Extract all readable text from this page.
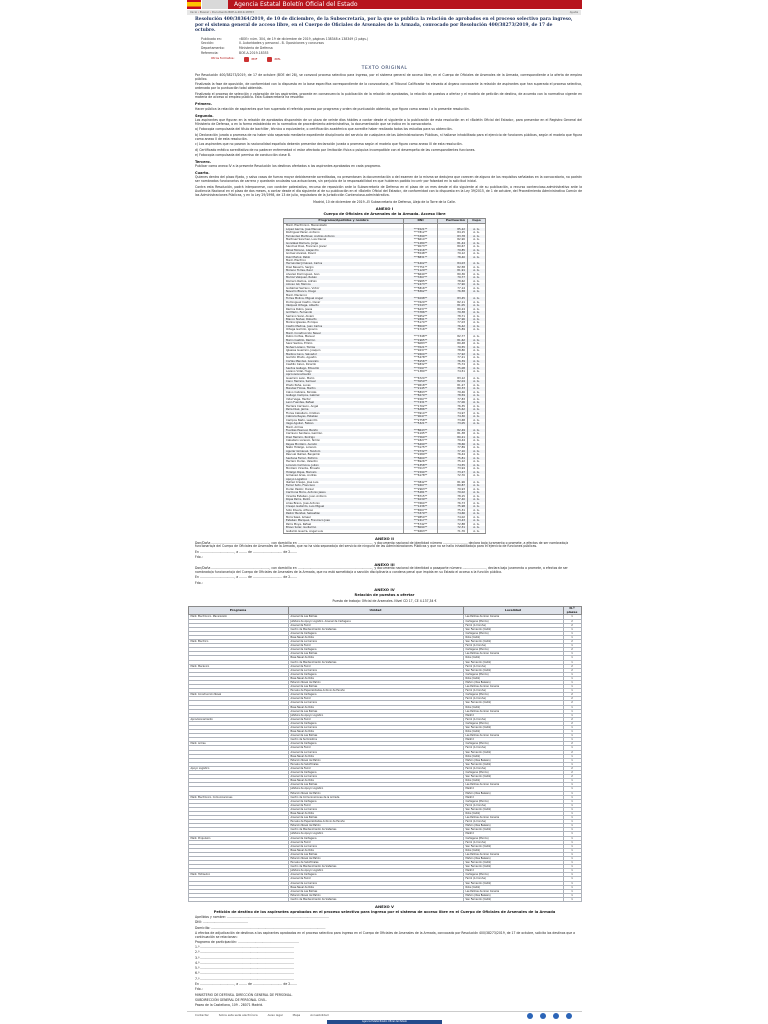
Agencia Estatal Boletín Oficial del Estado
Inicio › Buscar › Documento BOE-A-2019-18353	Ayuda
Resolución 400/38364/2019, de 10 de diciembre, de la Subsecretaría, por la que se publica la relación de aprobados en el proceso selectivo para ingreso, por el sistema general de acceso libre, en el Cuerpo de Oficiales de Arsenales de la Armada, convocado por Resolución 400/38273/2019, de 17 de octubre.
Publicado en:	«BOE» núm. 304, de 19 de diciembre de 2019, páginas 138348 a 138349 (2 págs.)
Sección:	II. Autoridades y personal - B. Oposiciones y concursos
Departamento:	Ministerio de Defensa
Referencia:	BOE-A-2019-18353
Otros formatos:	PDF	XML
TEXTO ORIGINAL

Por Resolución 400/38273/2019, de 17 de octubre (BOE del 28), se convocó proceso selectivo para ingreso, por el sistema general de acceso libre, en el Cuerpo de Oficiales de Arsenales de la Armada, correspondiente a la oferta de empleo público.

Finalizada la fase de oposición, de conformidad con lo dispuesto en la base específica correspondiente de la convocatoria, el Tribunal Calificador ha elevado al órgano convocante la relación de aspirantes que han superado el proceso selectivo, ordenada por la puntuación total obtenida.

Finalizado el proceso de selección y valoración de los aspirantes, procede en consecuencia la publicación de la relación de aprobados, la relación de puestos a ofertar y el modelo de petición de destino, de acuerdo con la normativa vigente en materia de acceso al empleo público. Esta Subsecretaría ha resuelto:

Primero.

Hacer pública la relación de aspirantes que han superado el referido proceso por programa y orden de puntuación obtenida, que figura como anexo I a la presente resolución.

Segundo.

Los aspirantes que figuran en la relación de aprobados dispondrán de un plazo de veinte días hábiles a contar desde el siguiente a la publicación de esta resolución en el «Boletín Oficial del Estado», para presentar en el Registro General del Ministerio de Defensa, o en la forma establecida en la normativa de procedimiento administrativo, la documentación que se indica en la convocatoria.

a) Fotocopia compulsada del título de bachiller, técnico o equivalente, o certificación académica que acredite haber realizado todos los estudios para su obtención.

b) Declaración jurada o promesa de no haber sido separado mediante expediente disciplinario del servicio de cualquiera de las Administraciones Públicas, ni hallarse inhabilitado para el ejercicio de funciones públicas, según el modelo que figura como anexo II de esta resolución.

c) Los aspirantes que no posean la nacionalidad española deberán presentar declaración jurada o promesa según el modelo que figura como anexo III de esta resolución.

d) Certificado médico acreditativo de no padecer enfermedad ni estar afectado por limitación física o psíquica incompatible con el desempeño de las correspondientes funciones.

e) Fotocopia compulsada del permiso de conducción clase B.

Tercero.

Publicar como anexo IV a la presente Resolución los destinos ofertados a los aspirantes aprobados en cada programa.

Cuarto.

Quienes dentro del plazo fijado, y salvo casos de fuerza mayor debidamente acreditados, no presentasen la documentación o del examen de la misma se dedujera que carecen de alguno de los requisitos señalados en la convocatoria, no podrán ser nombrados funcionarios de carrera y quedarán anuladas sus actuaciones, sin perjuicio de la responsabilidad en que hubieran podido incurrir por falsedad en la solicitud inicial.

Contra esta Resolución, podrá interponerse, con carácter potestativo, recurso de reposición ante la Subsecretaría de Defensa en el plazo de un mes desde el día siguiente al de su publicación, o recurso contencioso-administrativo ante la Audiencia Nacional en el plazo de dos meses, a contar desde el día siguiente al de su publicación en el «Boletín Oficial del Estado», de conformidad con lo dispuesto en la Ley 39/2015, de 1 de octubre, del Procedimiento Administrativo Común de las Administraciones Públicas, y en la Ley 29/1998, de 13 de julio, reguladora de la Jurisdicción Contencioso-administrativa.

Madrid, 10 de diciembre de 2019.–El Subsecretario de Defensa, Alejo de la Torre de la Calle.

ANEXO I
Cuerpo de Oficiales de Arsenales de la Armada. Acceso libre
Programa/Apellidos y nombre	DNI	Puntuación	Cupo
Mant. Electrónico. Mecanizado			
López García, José Manuel	***4521**	85,22	A. G.
Rodríguez Pérez, Antonio	***7812**	84,15	A. G.
Fernández Martínez, Andrés Antonio	***3390**	83,78	A. G.
Martínez Sánchez, Luis Daniel	***6614**	82,90	A. G.
González Romero, Jorge	***1284**	81,44	A. G.
Sánchez Díaz, Francisco Javier	***9073**	80,67	A. G.
Pérez Moreno, Alejandro	***2216**	79,85	A. G.
Gómez Álvarez, David	***5548**	79,12	A. G.
Ruiz Muñoz, Pablo	***8831**	78,40	A. G.
Mant. Eléctrico			
Hernández Jiménez, Carlos	***4402**	84,03	A. G.
Díaz Navarro, Sergio	***7751**	82,58	A. G.
Moreno Torres, Raúl	***1129**	81,91	A. G.
Álvarez Domínguez, Iván	***6640**	80,36	A. G.
Muñoz Vázquez, Rubén	***3307**	79,77	A. G.
Romero Ramos, Adrián	***9985**	78,62	A. G.
Alonso Gil, Marcos	***2473**	77,90	A. G.
Gutiérrez Serrano, Víctor	***5816**	77,14	A. G.
Navarro Blanco, Diego	***8362**	76,58	A. G.
Mant. Mecánico			
Torres Molina, Miguel Ángel	***4098**	83,45	A. G.
Domínguez Castro, Óscar	***7620**	82,11	A. G.
Vázquez Ortega, Alberto	***1543**	81,05	A. G.
Ramos Rubio, Jesús	***6237**	80,24	A. G.
Gil Marín, Fernando	***3786**	79,38	A. G.
Serrano Sanz, Álvaro	***9452**	78,71	A. G.
Blanco Núñez, Roberto	***2891**	77,96	A. G.
Molina Iglesias, Enrique	***5174**	77,03	A. G.
Castro Medina, Juan Carlos	***8509**	76,42	A. G.
Ortega Garrido, Ignacio	***4716**	75,89	A. G.
Mant. Construcción Naval			
Rubio Cortés, Manuel	***7348**	82,77	A. G.
Marín Castillo, Ramón	***1965**	81,62	A. G.
Sanz Santos, Emilio	***6083**	80,48	A. G.
Núñez Lozano, Tomás	***3521**	79,55	A. G.
Iglesias Guerrero, Joaquín	***9237**	78,80	A. G.
Medina Cano, Salvador	***2604**	77,92	A. G.
Garrido Prieto, Agustín	***5478**	77,21	A. G.
Cortés Méndez, Gonzalo	***8156**	76,39	A. G.
Castillo Calvo, Ricardo	***4832**	75,74	A. G.
Santos Gallego, Eduardo	***7097**	75,08	A. G.
Lozano Vidal, Hugo	***1380**	74,51	A. G.
Aprovisionamiento			
Guerrero León, Mario	***6724**	83,12	A. G.
Cano Herrera, Samuel	***3059**	82,04	A. G.
Prieto Peña, Lucas	***9618**	81,27	A. G.
Méndez Flores, Martín	***2145**	80,33	A. G.
Calvo Cabrera, Nicolás	***5893**	79,46	A. G.
Gallego Campos, Gabriel	***8270**	78,59	A. G.
Vidal Vega, Héctor	***4567**	77,83	A. G.
León Fuentes, Rafael	***7431**	77,06	A. G.
Herrera Carrasco, Ángel	***1702**	76,35	A. G.
Peña Diez, Jaime	***6386**	75,62	A. G.
Flores Caballero, Cristian	***3914**	74,97	A. G.
Cabrera Reyes, Esteban	***9047**	74,30	A. G.
Campos Nieto, Leandro	***2758**	73,68	A. G.
Vega Aguilar, Fabián	***5321**	73,05	A. G.
Mant. Armas			
Fuentes Pascual, Benito	***8643**	82,49	A. G.
Carrasco Santana, Germán	***4195**	81,38	A. G.
Diez Herrero, Rodrigo	***7560**	80,21	A. G.
Caballero Lorenzo, Simón	***1827**	79,44	A. G.
Reyes Montero, Aurelio	***6490**	78,66	A. G.
Nieto Hidalgo, Lorenzo	***3175**	77,89	A. G.
Aguilar Giménez, Teodoro	***9732**	77,10	A. G.
Pascual Ibáñez, Benjamín	***2289**	76,44	A. G.
Santana Ferrer, Patricio	***5604**	75,81	A. G.
Herrero Durán, Valentín	***8926**	75,12	A. G.
Lorenzo Carmona, Julián	***4358**	74,55	A. G.
Montero Vicente, Ernesto	***7013**	73,94	A. G.
Hidalgo Rojas, Marcelo	***1594**	73,27	A. G.
Giménez Arias, Andrés	***6178**	72,70	A. G.
Apoyo Logístico			
Ibáñez Crespo, José Luis	***3842**	81,96	A. G.
Ferrer Soto, Francisco	***9407**	80,87	A. G.
Durán Pastor, Daniel	***2963**	79,93	A. G.
Carmona Mora, Antonio Jesús	***5281**	79,02	A. G.
Vicente Esteban, Juan Antonio	***8715**	78,15	A. G.
Rojas Parra, Pedro	***4039**	77,40	A. G.
Arias Bravo, José Antonio	***7664**	76,73	A. G.
Crespo Gallardo, Luis Miguel	***1236**	75,98	A. G.
Soto Rivera, Alfonso	***6507**	75,31	A. G.
Pastor Benítez, Sebastián	***3379**	74,66	A. G.
Mora Sáez, Ismael	***9850**	74,02	A. G.
Esteban Márquez, Francisco José	***2417**	73,43	A. G.
Parra Moya, Rafael	***5742**	72,88	A. G.
Bravo Soler, Guillermo	***8094**	72,31	A. G.
Gallardo Guerra, Ángel Luis	***4663**	71,76	A. G.
ANEXO II

Don/Doña ..........................................................., con domicilio en ............................................................................, y documento nacional de identidad número ........................, declara bajo juramento o promete, a efectos de ser nombrado/a funcionario/a del Cuerpo de Oficiales de Arsenales de la Armada, que no ha sido separado/a del servicio de ninguna de las Administraciones Públicas y que no se halla inhabilitado/a para el ejercicio de funciones públicas.

En ..................................., a ........ de .............................. de 2.......

Fdo.:

ANEXO III

Don/Doña ..........................................................., con domicilio en ............................................................................, y documento nacional de identidad o pasaporte número ........................, declara bajo juramento o promete, a efectos de ser nombrado/a funcionario/a del Cuerpo de Oficiales de Arsenales de la Armada, que no está sometido/a a sanción disciplinaria o condena penal que impida en su Estado el acceso a la función pública.

En ..................................., a ........ de .............................. de 2.......

Fdo.:

ANEXO IV
Relación de puestos a ofertar
Puesto de trabajo: Oficial de Arsenales. Nivel CD 17, CE 4.137,34 €
Programa	Unidad	Localidad	N.º plazas
Mant. Electrónico. Mecanizado	Arsenal de Las Palmas	Las Palmas de Gran Canaria	1
	Jefatura de Apoyo Logístico. Arsenal de Cartagena	Cartagena (Murcia)	2
	Arsenal de Ferrol	Ferrol (A Coruña)	2
	Centro de Mantenimiento de Sistemas	San Fernando (Cádiz)	1
	Arsenal de Cartagena	Cartagena (Murcia)	1
	Base Naval de Rota	Rota (Cádiz)	1
Mant. Eléctrico	Arsenal de La Carraca	San Fernando (Cádiz)	2
	Arsenal de Ferrol	Ferrol (A Coruña)	1
	Arsenal de Cartagena	Cartagena (Murcia)	2
	Arsenal de Las Palmas	Las Palmas de Gran Canaria	1
	Base Naval de Rota	Rota (Cádiz)	1
	Centro de Mantenimiento de Sistemas	San Fernando (Cádiz)	1
Mant. Mecánico	Arsenal de Ferrol	Ferrol (A Coruña)	2
	Arsenal de La Carraca	San Fernando (Cádiz)	2
	Arsenal de Cartagena	Cartagena (Murcia)	1
	Base Naval de Rota	Rota (Cádiz)	1
	Estación Naval de Mahón	Mahón (Illes Balears)	1
	Arsenal de Las Palmas	Las Palmas de Gran Canaria	1
	Escuela de Especialidades Antonio de Escaño	Ferrol (A Coruña)	1
Mant. Construcción Naval	Arsenal de Cartagena	Cartagena (Murcia)	2
	Arsenal de Ferrol	Ferrol (A Coruña)	2
	Arsenal de La Carraca	San Fernando (Cádiz)	2
	Base Naval de Rota	Rota (Cádiz)	1
	Arsenal de Las Palmas	Las Palmas de Gran Canaria	1
	Jefatura de Apoyo Logístico	Madrid	1
Aprovisionamiento	Arsenal de Ferrol	Ferrol (A Coruña)	2
	Arsenal de Cartagena	Cartagena (Murcia)	2
	Arsenal de La Carraca	San Fernando (Cádiz)	1
	Base Naval de Rota	Rota (Cádiz)	1
	Arsenal de Las Palmas	Las Palmas de Gran Canaria	1
	Centro de Suministros	Madrid	1
Mant. Armas	Arsenal de Cartagena	Cartagena (Murcia)	2
	Arsenal de Ferrol	Ferrol (A Coruña)	1
	Arsenal de La Carraca	San Fernando (Cádiz)	2
	Base Naval de Rota	Rota (Cádiz)	1
	Estación Naval de Mahón	Mahón (Illes Balears)	1
	Escuela de Suboficiales	San Fernando (Cádiz)	1
Apoyo Logístico	Arsenal de Ferrol	Ferrol (A Coruña)	2
	Arsenal de Cartagena	Cartagena (Murcia)	2
	Arsenal de La Carraca	San Fernando (Cádiz)	2
	Base Naval de Rota	Rota (Cádiz)	1
	Arsenal de Las Palmas	Las Palmas de Gran Canaria	1
	Jefatura de Apoyo Logístico	Madrid	1
	Estación Naval de Mahón	Mahón (Illes Balears)	1
Mant. Electrónico. Comunicaciones	Centro de Comunicaciones de la Armada	Madrid	1
	Arsenal de Cartagena	Cartagena (Murcia)	1
	Arsenal de Ferrol	Ferrol (A Coruña)	1
	Arsenal de La Carraca	San Fernando (Cádiz)	1
	Base Naval de Rota	Rota (Cádiz)	1
	Arsenal de Las Palmas	Las Palmas de Gran Canaria	1
	Escuela de Especialidades Antonio de Escaño	Ferrol (A Coruña)	1
	Estación Naval de Mahón	Mahón (Illes Balears)	1
	Centro de Mantenimiento de Sistemas	San Fernando (Cádiz)	1
	Jefatura de Apoyo Logístico	Madrid	1
Mant. Propulsión	Arsenal de Cartagena	Cartagena (Murcia)	1
	Arsenal de Ferrol	Ferrol (A Coruña)	1
	Arsenal de La Carraca	San Fernando (Cádiz)	1
	Base Naval de Rota	Rota (Cádiz)	1
	Arsenal de Las Palmas	Las Palmas de Gran Canaria	1
	Estación Naval de Mahón	Mahón (Illes Balears)	1
	Escuela de Suboficiales	San Fernando (Cádiz)	1
	Centro de Mantenimiento de Sistemas	San Fernando (Cádiz)	1
	Jefatura de Apoyo Logístico	Madrid	1
Mant. Hidráulico	Arsenal de Cartagena	Cartagena (Murcia)	1
	Arsenal de Ferrol	Ferrol (A Coruña)	1
	Arsenal de La Carraca	San Fernando (Cádiz)	1
	Base Naval de Rota	Rota (Cádiz)	1
	Arsenal de Las Palmas	Las Palmas de Gran Canaria	1
	Estación Naval de Mahón	Mahón (Illes Balears)	1
	Centro de Mantenimiento de Sistemas	San Fernando (Cádiz)	1
ANEXO V
Petición de destino de los aspirantes aprobados en el proceso selectivo para ingreso por el sistema de acceso libre en el Cuerpo de Oficiales de Arsenales de la Armada

Apellidos y nombre: ........................................................................................................

DNI: ..............................................

Domicilio: ....................................................................................................................

A efectos de adjudicación de destinos a los aspirantes aprobados en el proceso selectivo para ingreso en el Cuerpo de Oficiales de Arsenales de la Armada, convocado por Resolución 400/38273/2019, de 17 de octubre, solicita los destinos que a continuación se relacionan:

Programa de participación: ..............................................................

1.º ...............................................................................................

2.º ...............................................................................................

3.º ...............................................................................................

4.º ...............................................................................................

5.º ...............................................................................................

6.º ...............................................................................................

7.º ...............................................................................................

En ..................................., a ........ de .............................. de 2.......

Fdo.:

MINISTERIO DE DEFENSA. DIRECCIÓN GENERAL DE PERSONAL.

SUBDIRECCIÓN GENERAL DE PERSONAL CIVIL.

Paseo de la Castellana, 109 - 28071 Madrid.

Contactar	Sobre esta sede electrónica	Aviso legal	Mapa	Accesibilidad
Agencia Estatal Boletín Oficial del Estado
